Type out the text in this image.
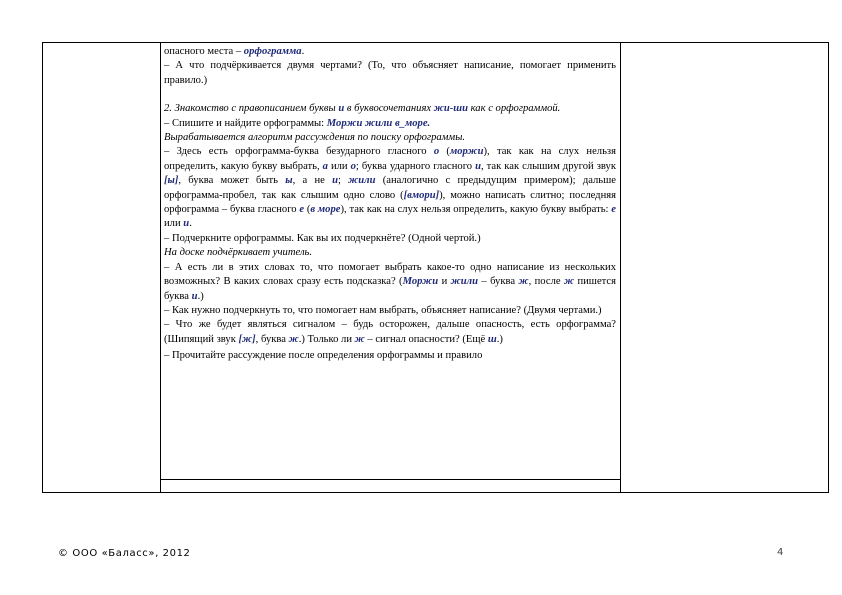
опасного места – орфограмма.

– А что подчёркивается двумя чертами? (То, что объясняет написание, помогает применить правило.)

2. Знакомство с правописанием буквы и в буквосочетаниях жи-ши как с орфограммой.

– Спишите и найдите орфограммы: Моржи жили в_море.

Вырабатывается алгоритм рассуждения по поиску орфограммы.

– Здесь есть орфограмма-буква безударного гласного о (моржи), так как на слух нельзя определить, какую букву выбрать, а или о; буква ударного гласного и, так как слышим другой звук [ы], буква может быть ы, а не и; жили (аналогично с предыдущим примером); дальше орфограмма-пробел, так как слышим одно слово ([вмори]), можно написать слитно; последняя орфограмма – буква гласного е (в море), так как на слух нельзя определить, какую букву выбрать: е или и.

– Подчеркните орфограммы. Как вы их подчеркнёте? (Одной чертой.)

На доске подчёркивает учитель.

– А есть ли в этих словах то, что помогает выбрать какое-то одно написание из нескольких возможных? В каких словах сразу есть подсказка? (Моржи и жили – буква ж, после ж пишется буква и.)

– Как нужно подчеркнуть то, что помогает нам выбрать, объясняет написание? (Двумя чертами.)

– Что же будет являться сигналом – будь осторожен, дальше опасность, есть орфограмма? (Шипящий звук [ж], буква ж.) Только ли ж – сигнал опасности? (Ещё ш.)

– Прочитайте рассуждение после определения орфограммы и правило

© ООО «Баласс», 2012	4
